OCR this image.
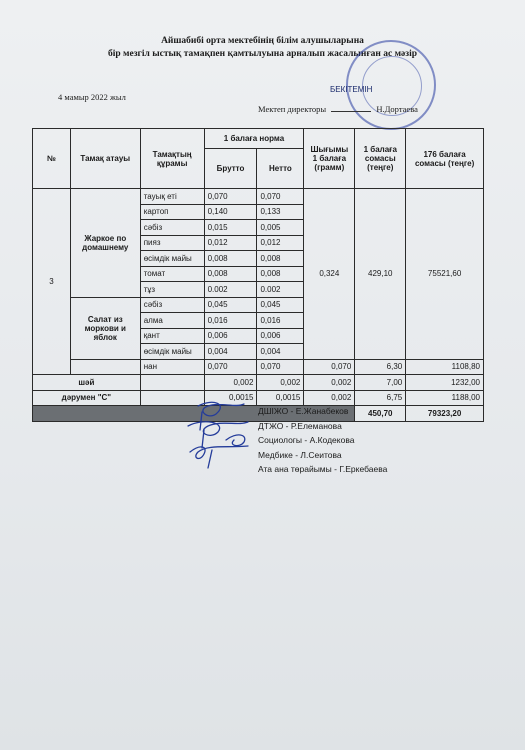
Айшабибі орта мектебінің білім алушыларына
бір мезгіл ыстық тамақпен қамтылуына арналып жасалынған ас мәзір
БЕКІТЕМІН
4 мамыр 2022 жыл
Мектеп директоры	Н.Дортаева
№	Тамақ атауы	Тамақтың құрамы	1 балаға норма		Шығымы 1 балаға (грамм)	1 балаға сомасы (теңге)	176 балаға сомасы (теңге)
			Брутто	Нетто			
3	Жаркое по домашнему	тауық еті	0,070	0,070	0,324	429,10	75521,60
		картоп	0,140	0,133			
		сәбіз	0,015	0,005			
		пияз	0,012	0,012			
		өсімдік майы	0,008	0,008			
		томат	0,008	0,008			
		тұз	0.002	0.002			
	Салат из моркови и яблок	сәбіз	0,045	0,045			
		алма	0,016	0,016			
		қант	0,006	0,006			
		өсімдік майы	0,004	0,004			
		нан	0,070	0,070	0,070	6,30	1108,80
шәй			0,002	0,002	0,002	7,00	1232,00
дәрумен "С"			0,0015	0,0015	0,002	6,75	1188,00
						450,70	79323,20
ДШІЖО - Е.Жанабеков
ДТЖО - Р.Елеманова
Социологы - А.Кодекова
Медбике - Л.Сеитова
Ата ана төрайымы - Г.Еркебаева
